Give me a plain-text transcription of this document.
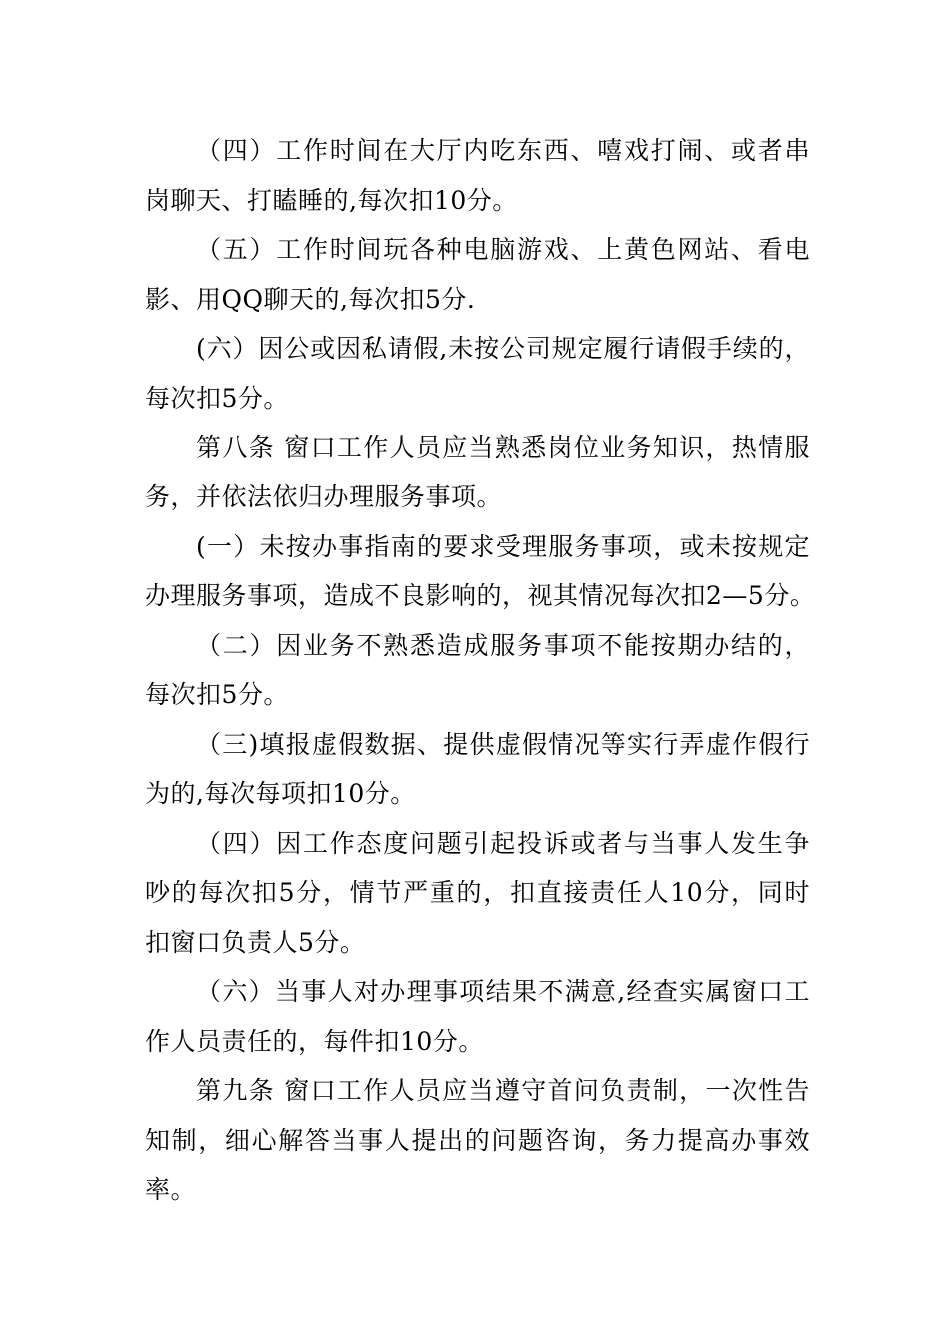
（四）工作时间在大厅内吃东西、嘻戏打闹、或者串
岗聊天、打瞌睡的,每次扣10分。
（五）工作时间玩各种电脑游戏、上黄色网站、看电
影、用QQ聊天的,每次扣5分.
(六）因公或因私请假,未按公司规定履行请假手续的，
每次扣5分。
第八条 窗口工作人员应当熟悉岗位业务知识，热情服
务，并依法依归办理服务事项。
(一）未按办事指南的要求受理服务事项，或未按规定
办理服务事项，造成不良影响的，视其情况每次扣2—5分。
（二）因业务不熟悉造成服务事项不能按期办结的，
每次扣5分。
（三)填报虚假数据、提供虚假情况等实行弄虚作假行
为的,每次每项扣10分。
（四）因工作态度问题引起投诉或者与当事人发生争
吵的每次扣5分，情节严重的，扣直接责任人10分，同时
扣窗口负责人5分。
（六）当事人对办理事项结果不满意,经查实属窗口工
作人员责任的，每件扣10分。
第九条 窗口工作人员应当遵守首问负责制，一次性告
知制，细心解答当事人提出的问题咨询，务力提高办事效
率。
